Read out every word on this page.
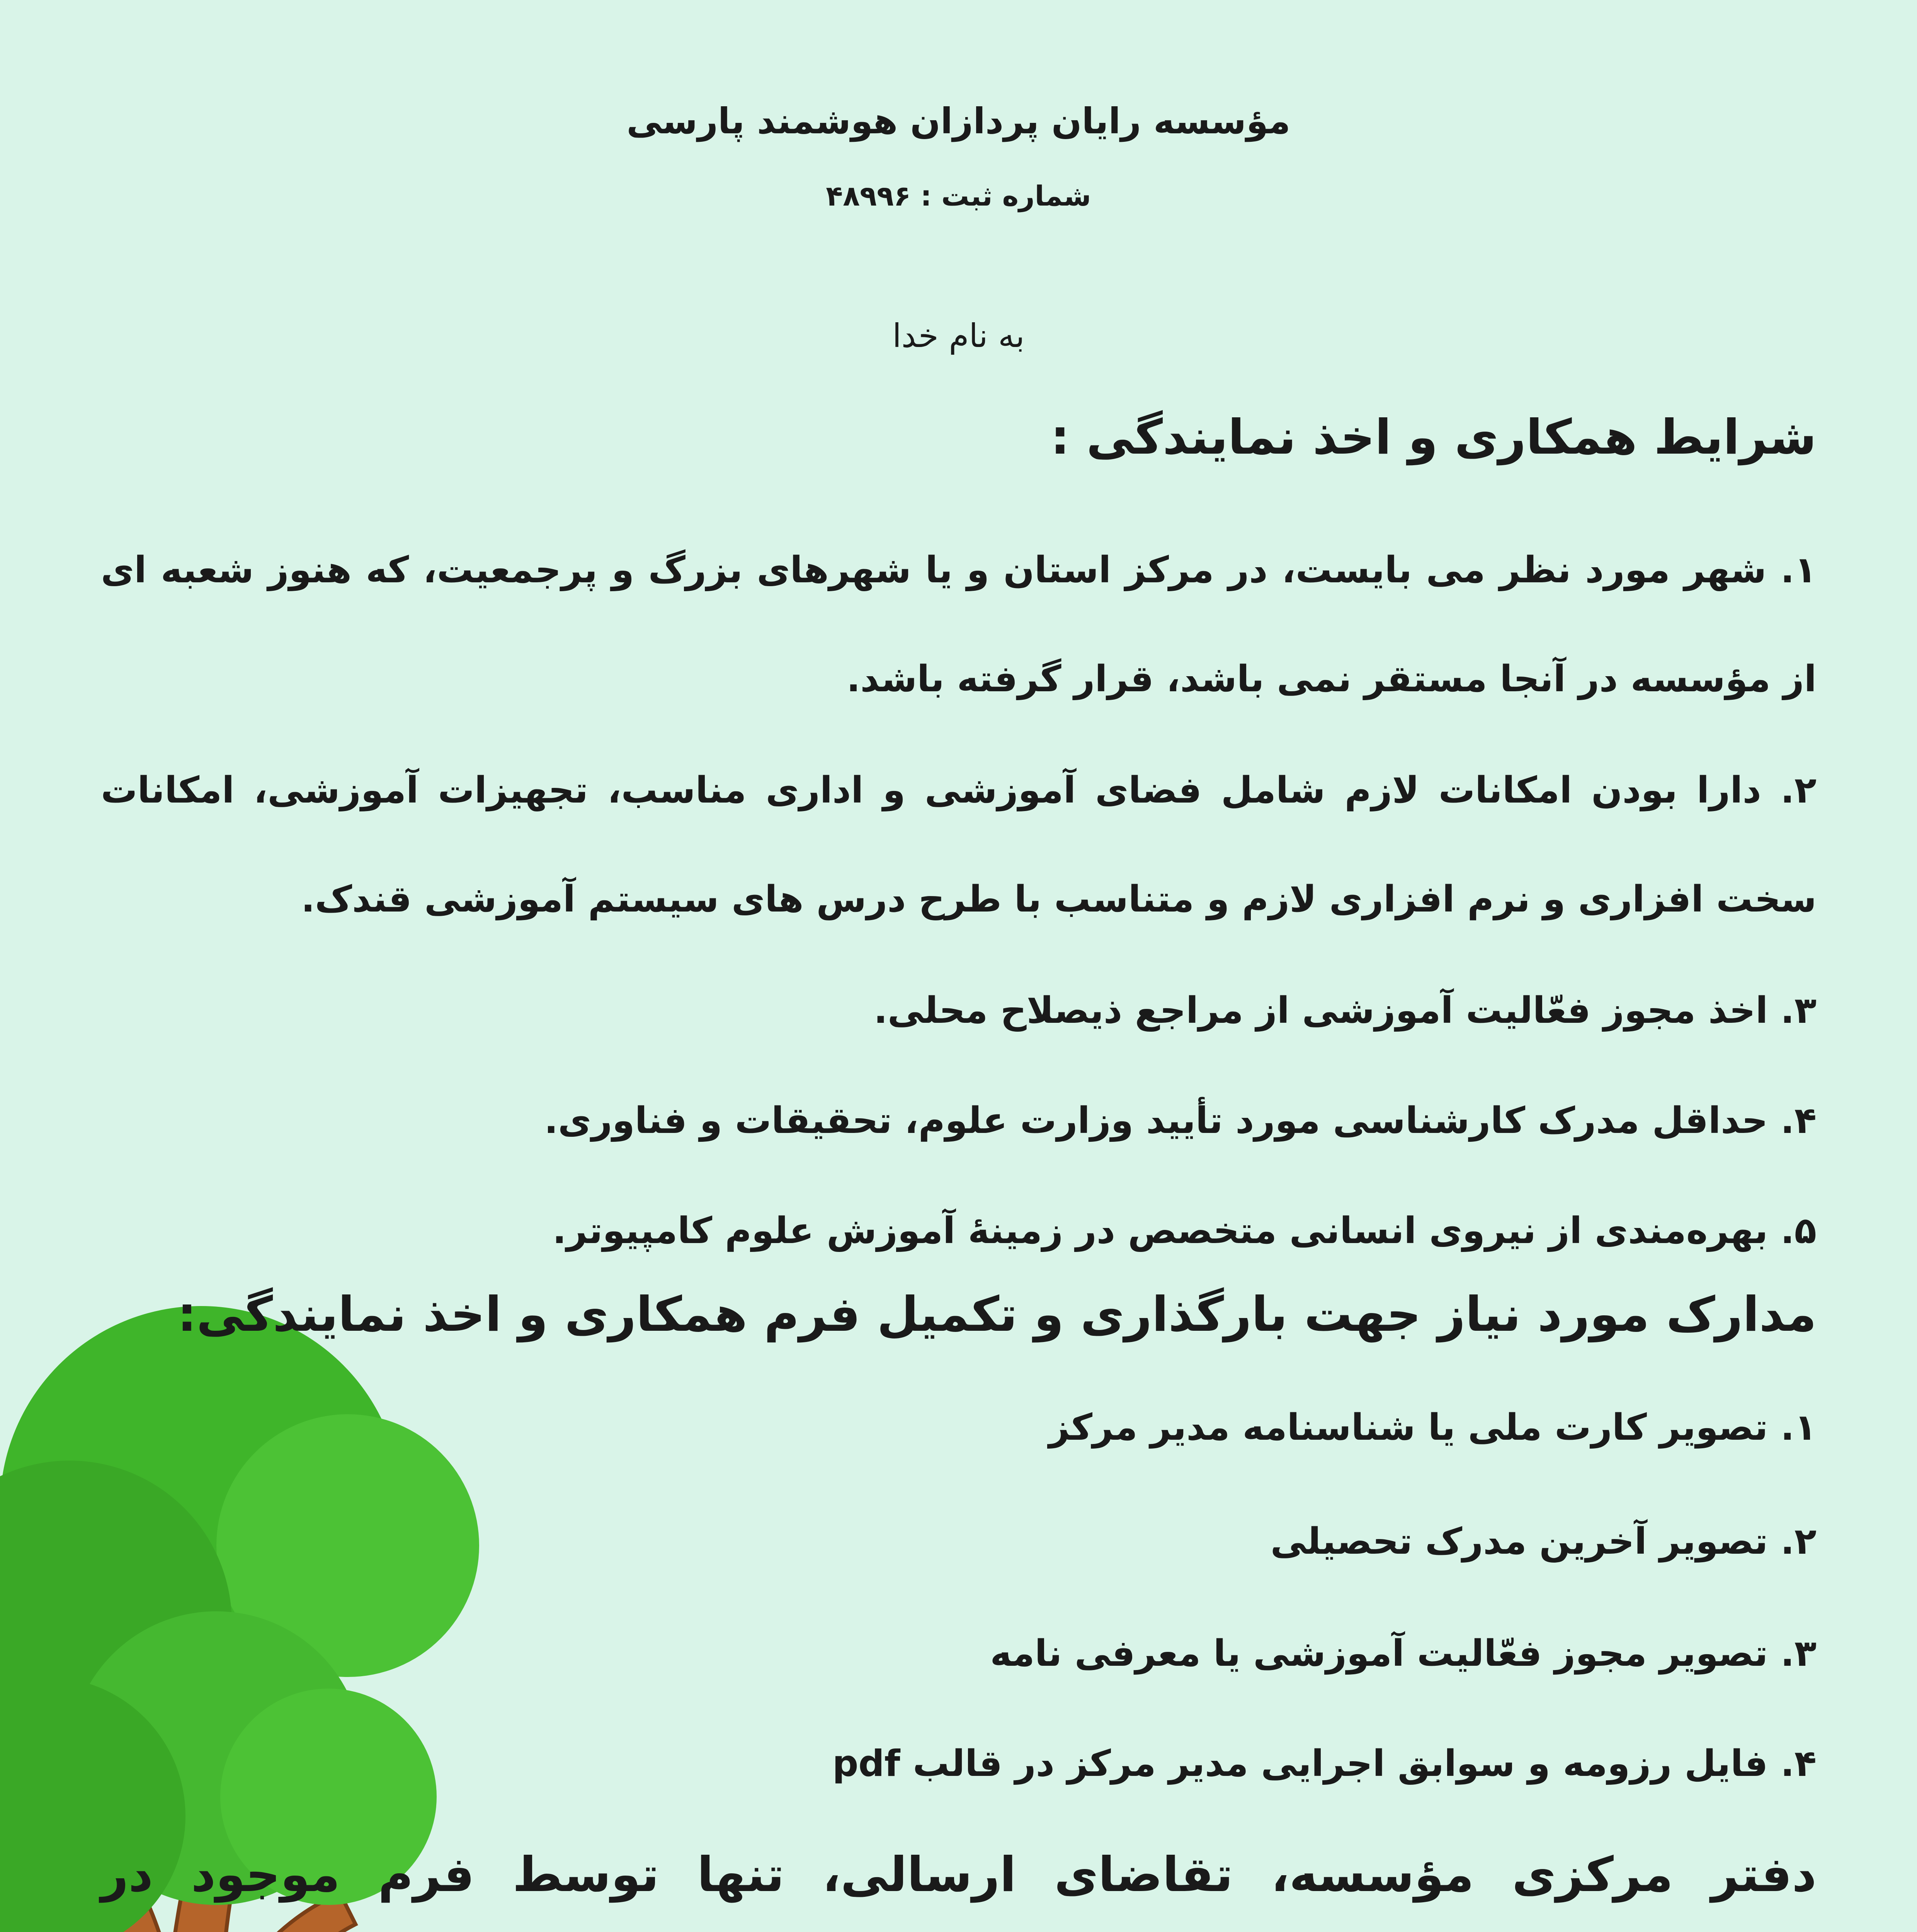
مؤسسه رایان پردازان هوشمند پارسی

شماره ثبت : ۴۸۹۹۶

به نام خدا

شرایط همکاری و اخذ نمایندگی :

۱. شهر مورد نظر می بایست، در مرکز استان و یا شهرهای بزرگ و پرجمعیت، که هنوز شعبه ای از مؤسسه در آنجا مستقر نمی باشد، قرار گرفته باشد.

۲. دارا بودن امکانات لازم شامل فضای آموزشی و اداری مناسب، تجهیزات آموزشی، امکانات سخت افزاری و نرم افزاری لازم و متناسب با طرح درس های سیستم آموزشی قندک.

۳. اخذ مجوز فعّالیت آموزشی از مراجع ذیصلاح محلی.

۴. حداقل مدرک کارشناسی مورد تأیید وزارت علوم، تحقیقات و فناوری.

۵. بهره‌مندی از نیروی انسانی متخصص در زمینهٔ آموزش علوم کامپیوتر.

مدارک مورد نیاز جهت بارگذاری و تکمیل فرم همکاری و اخذ نمایندگی:

۱. تصویر کارت ملی یا شناسنامه مدیر مرکز

۲. تصویر آخرین مدرک تحصیلی

۳. تصویر مجوز فعّالیت آموزشی یا معرفی نامه

۴. فایل رزومه و سوابق اجرایی مدیر مرکز در قالب pdf

دفتر مرکزی مؤسسه، تقاضای ارسالی، تنها توسط فرم موجود در
